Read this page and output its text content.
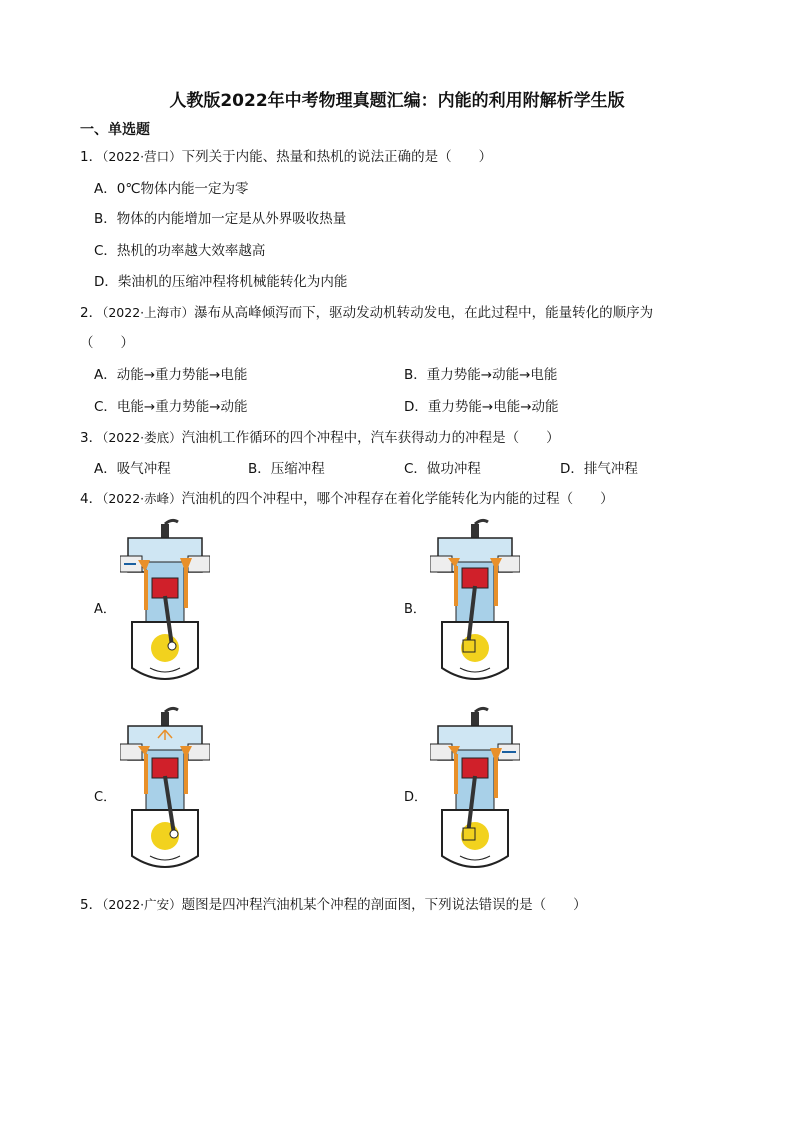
人教版2022年中考物理真题汇编：内能的利用附解析学生版
一、单选题
1．（2022·营口）下列关于内能、热量和热机的说法正确的是（　　）
A．0℃物体内能一定为零
B．物体的内能增加一定是从外界吸收热量
C．热机的功率越大效率越高
D．柴油机的压缩冲程将机械能转化为内能
2．（2022·上海市）瀑布从高峰倾泻而下，驱动发动机转动发电，在此过程中，能量转化的顺序为
（　　）
A．动能→重力势能→电能	B．重力势能→动能→电能
C．电能→重力势能→动能	D．重力势能→电能→动能
3．（2022·娄底）汽油机工作循环的四个冲程中，汽车获得动力的冲程是（　　）
A．吸气冲程	B．压缩冲程	C．做功冲程	D．排气冲程
4．（2022·赤峰）汽油机的四个冲程中，哪个冲程存在着化学能转化为内能的过程（　　）
A．	B．
C．	D．
5．（2022·广安）题图是四冲程汽油机某个冲程的剖面图，下列说法错误的是（　　）
